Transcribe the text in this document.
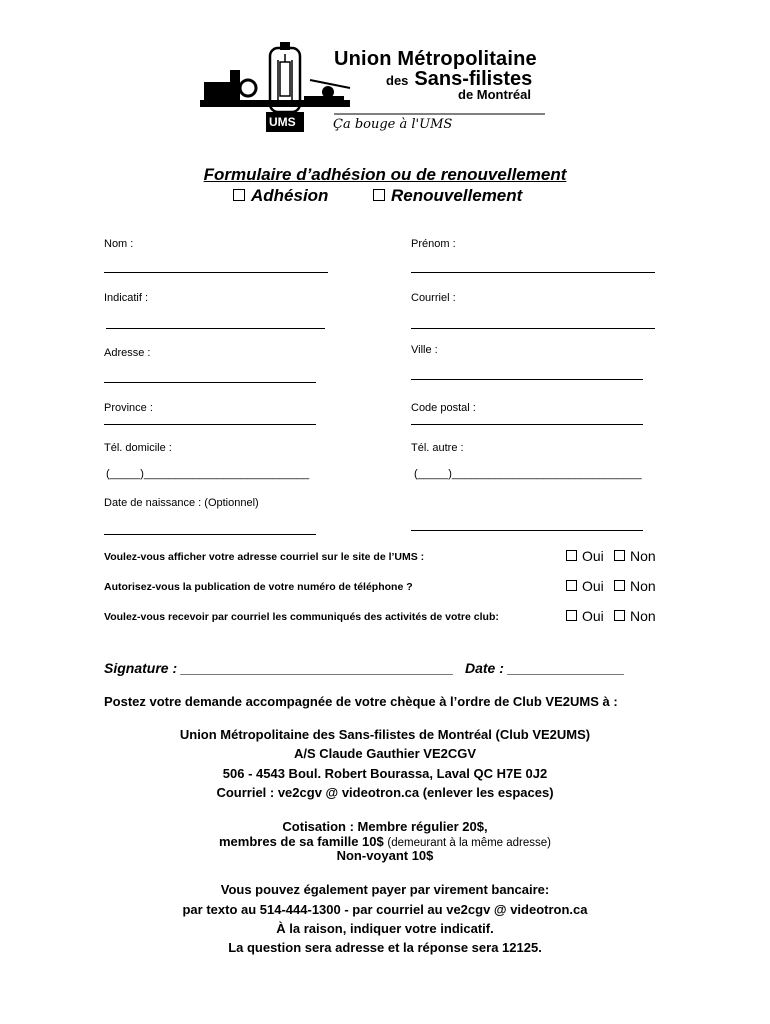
UMS
Union Métropolitaine
des Sans-filistes
de Montréal
Ça bouge à l'UMS
Formulaire d’adhésion ou de renouvellement
Adhésion	Renouvellement
Nom :	Prénom :
Indicatif :	Courriel :
Adresse :	Ville :
Province :	Code postal :
Tél. domicile :	Tél. autre :
(_____)___________________________	(_____)_______________________________
Date de naissance : (Optionnel)
Voulez-vous afficher votre adresse courriel sur le site de l’UMS :	Oui	Non
Autorisez-vous la publication de votre numéro de téléphone ?	Oui	Non
Voulez-vous recevoir par courriel les communiqués des activités de votre club:	Oui	Non
Signature : ___________________________________ Date : _______________
Postez votre demande accompagnée de votre chèque à l’ordre de Club VE2UMS à :
Union Métropolitaine des Sans-filistes de Montréal (Club VE2UMS)
A/S Claude Gauthier VE2CGV
506 - 4543 Boul. Robert Bourassa, Laval QC H7E 0J2
Courriel : ve2cgv @ videotron.ca (enlever les espaces)
Cotisation : Membre régulier 20$,
membres de sa famille 10$ (demeurant à la même adresse)
Non-voyant 10$
Vous pouvez également payer par virement bancaire:
par texto au 514-444-1300 - par courriel au ve2cgv @ videotron.ca
À la raison, indiquer votre indicatif.
La question sera adresse et la réponse sera 12125.
